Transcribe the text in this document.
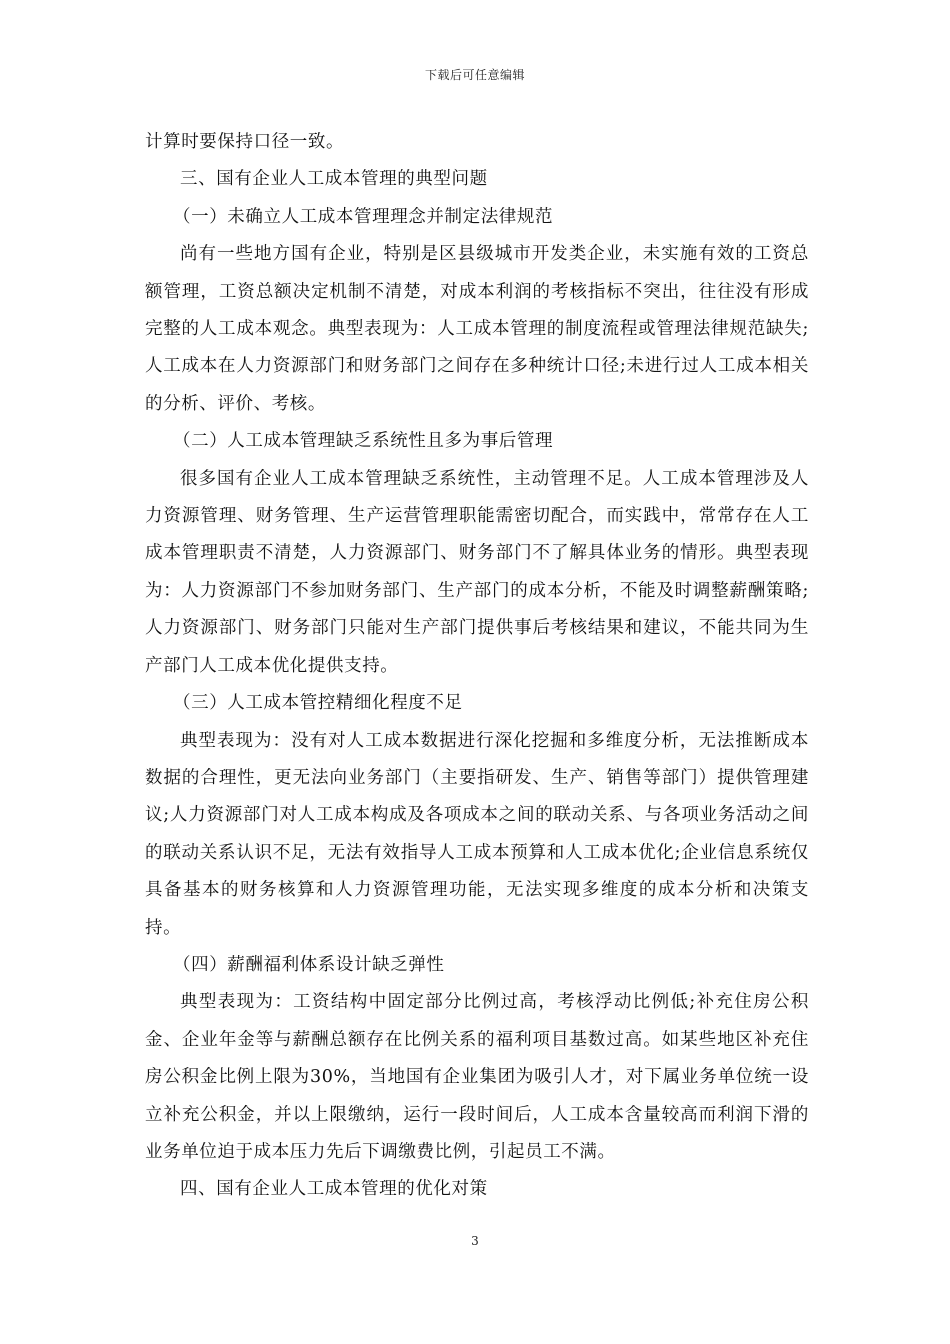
下载后可任意编辑

计算时要保持口径一致。

三、国有企业人工成本管理的典型问题

（一）未确立人工成本管理理念并制定法律规范

尚有一些地方国有企业，特别是区县级城市开发类企业，未实施有效的工资总额管理，工资总额决定机制不清楚，对成本利润的考核指标不突出，往往没有形成完整的人工成本观念。典型表现为：人工成本管理的制度流程或管理法律规范缺失;人工成本在人力资源部门和财务部门之间存在多种统计口径;未进行过人工成本相关的分析、评价、考核。

（二）人工成本管理缺乏系统性且多为事后管理

很多国有企业人工成本管理缺乏系统性，主动管理不足。人工成本管理涉及人力资源管理、财务管理、生产运营管理职能需密切配合，而实践中，常常存在人工成本管理职责不清楚，人力资源部门、财务部门不了解具体业务的情形。典型表现为：人力资源部门不参加财务部门、生产部门的成本分析，不能及时调整薪酬策略;人力资源部门、财务部门只能对生产部门提供事后考核结果和建议，不能共同为生产部门人工成本优化提供支持。

（三）人工成本管控精细化程度不足

典型表现为：没有对人工成本数据进行深化挖掘和多维度分析，无法推断成本数据的合理性，更无法向业务部门（主要指研发、生产、销售等部门）提供管理建议;人力资源部门对人工成本构成及各项成本之间的联动关系、与各项业务活动之间的联动关系认识不足，无法有效指导人工成本预算和人工成本优化;企业信息系统仅具备基本的财务核算和人力资源管理功能，无法实现多维度的成本分析和决策支持。

（四）薪酬福利体系设计缺乏弹性

典型表现为：工资结构中固定部分比例过高，考核浮动比例低;补充住房公积金、企业年金等与薪酬总额存在比例关系的福利项目基数过高。如某些地区补充住房公积金比例上限为30%，当地国有企业集团为吸引人才，对下属业务单位统一设立补充公积金，并以上限缴纳，运行一段时间后，人工成本含量较高而利润下滑的业务单位迫于成本压力先后下调缴费比例，引起员工不满。

四、国有企业人工成本管理的优化对策

3
